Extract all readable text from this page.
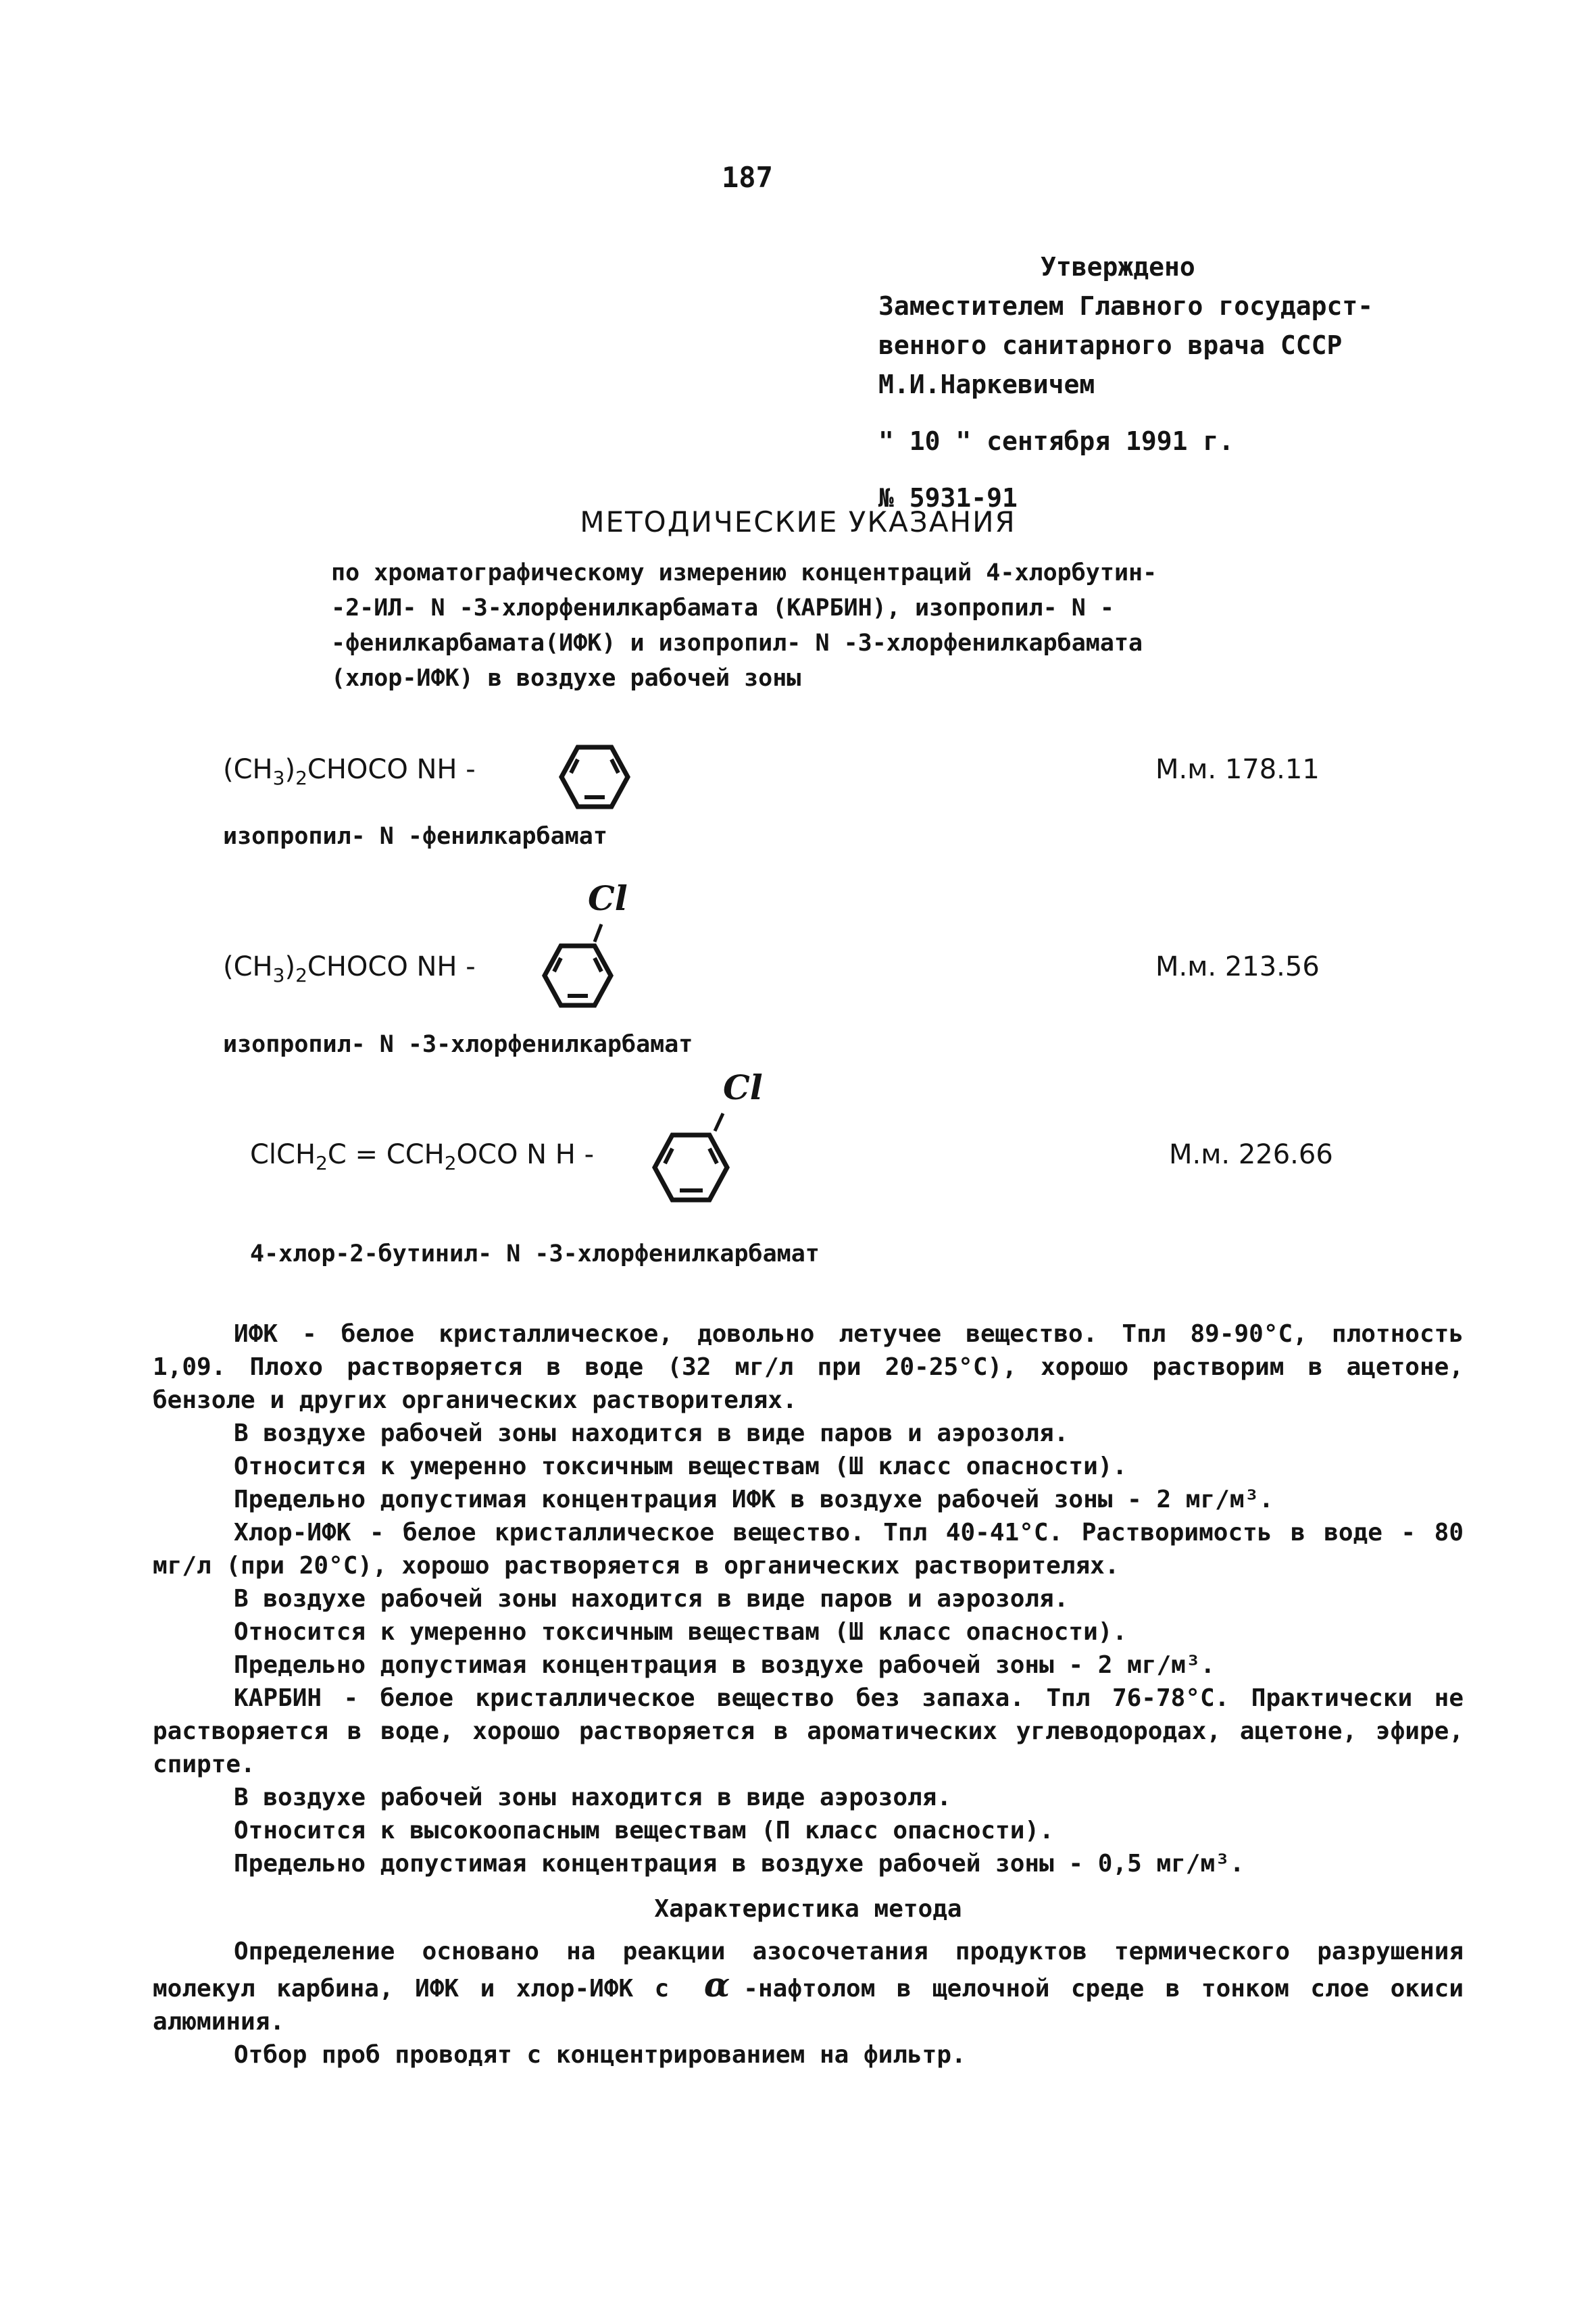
187
Утверждено
Заместителем Главного государст-
венного санитарного врача СССР
М.И.Наркевичем
" 10 " сентября 1991 г.
№ 5931-91
МЕТОДИЧЕСКИЕ УКАЗАНИЯ
по хроматографическому измерению концентраций 4-хлорбутин-
-2-ИЛ- N -3-хлорфенилкарбамата (КАРБИН), изопропил- N -
-фенилкарбамата(ИФК) и изопропил- N -3-хлорфенилкарбамата
(хлор-ИФК) в воздухе рабочей зоны
$(CH_3)_2CHOCO$ NH -	М.м. 178.11
изопропил- N -фенилкарбамат
Cl
$(CH_3)_2CHOCO$ NH -	М.м. 213.56
изопропил- N -3-хлорфенилкарбамат
Cl
ClCH$_2$C = $CCH_2OCO$ N H -	М.м. 226.66
4-хлор-2-бутинил- N -3-хлорфенилкарбамат

ИФК - белое кристаллическое, довольно летучее вещество. Тпл 89-90°С, плотность 1,09. Плохо растворяется в воде (32 мг/л при 20-25°С), хорошо растворим в ацетоне, бензоле и других органических растворителях.

В воздухе рабочей зоны находится в виде паров и аэрозоля.

Относится к умеренно токсичным веществам (Ш класс опасности).

Предельно допустимая концентрация ИФК в воздухе рабочей зоны - 2 мг/м³.

Хлор-ИФК - белое кристаллическое вещество. Тпл 40-41°С. Растворимость в воде - 80 мг/л (при 20°С), хорошо растворяется в органических растворителях.

В воздухе рабочей зоны находится в виде паров и аэрозоля.

Относится к умеренно токсичным веществам (Ш класс опасности).

Предельно допустимая концентрация в воздухе рабочей зоны - 2 мг/м³.

КАРБИН - белое кристаллическое вещество без запаха. Тпл 76-78°С. Практически не растворяется в воде, хорошо растворяется в ароматических углеводородах, ацетоне, эфире, спирте.

В воздухе рабочей зоны находится в виде аэрозоля.

Относится к высокоопасным веществам (П класс опасности).

Предельно допустимая концентрация в воздухе рабочей зоны - 0,5 мг/м³.

Характеристика метода

Определение основано на реакции азосочетания продуктов термического разрушения молекул карбина, ИФК и хлор-ИФК с α -нафтолом в щелочной среде в тонком слое окиси алюминия.

Отбор проб проводят с концентрированием на фильтр.
